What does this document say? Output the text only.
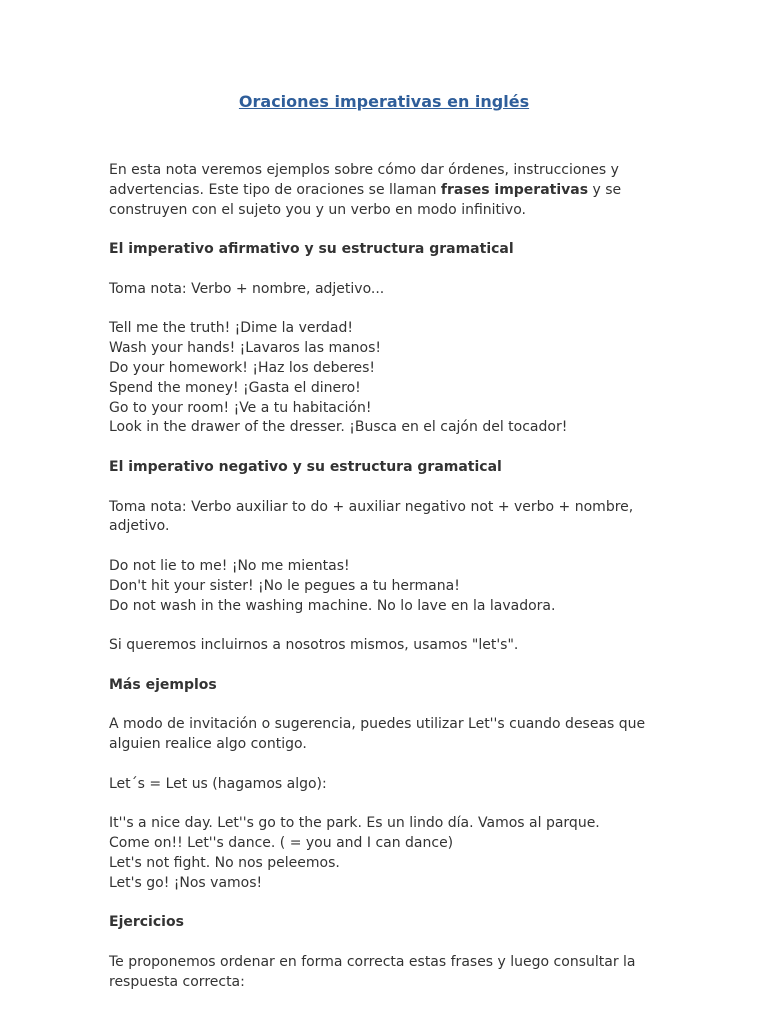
Oraciones imperativas en inglés

En esta nota veremos ejemplos sobre cómo dar órdenes, instrucciones y advertencias. Este tipo de oraciones se llaman frases imperativas y se construyen con el sujeto you y un verbo en modo infinitivo.

El imperativo afirmativo y su estructura gramatical

Toma nota: Verbo + nombre, adjetivo...

Tell me the truth! ¡Dime la verdad!
Wash your hands! ¡Lavaros las manos!
Do your homework! ¡Haz los deberes!
Spend the money! ¡Gasta el dinero!
Go to your room! ¡Ve a tu habitación!
Look in the drawer of the dresser. ¡Busca en el cajón del tocador!

El imperativo negativo y su estructura gramatical

Toma nota: Verbo auxiliar to do + auxiliar negativo not + verbo + nombre, adjetivo.

Do not lie to me! ¡No me mientas!
Don't hit your sister! ¡No le pegues a tu hermana!
Do not wash in the washing machine. No lo lave en la lavadora.

Si queremos incluirnos a nosotros mismos, usamos "let's".

Más ejemplos

A modo de invitación o sugerencia, puedes utilizar Let''s cuando deseas que alguien realice algo contigo.

Let´s = Let us (hagamos algo):

It''s a nice day. Let''s go to the park. Es un lindo día. Vamos al parque.
Come on!! Let''s dance. ( = you and I can dance)
Let's not fight. No nos peleemos.
Let's go! ¡Nos vamos!

Ejercicios

Te proponemos ordenar en forma correcta estas frases y luego consultar la respuesta correcta:
